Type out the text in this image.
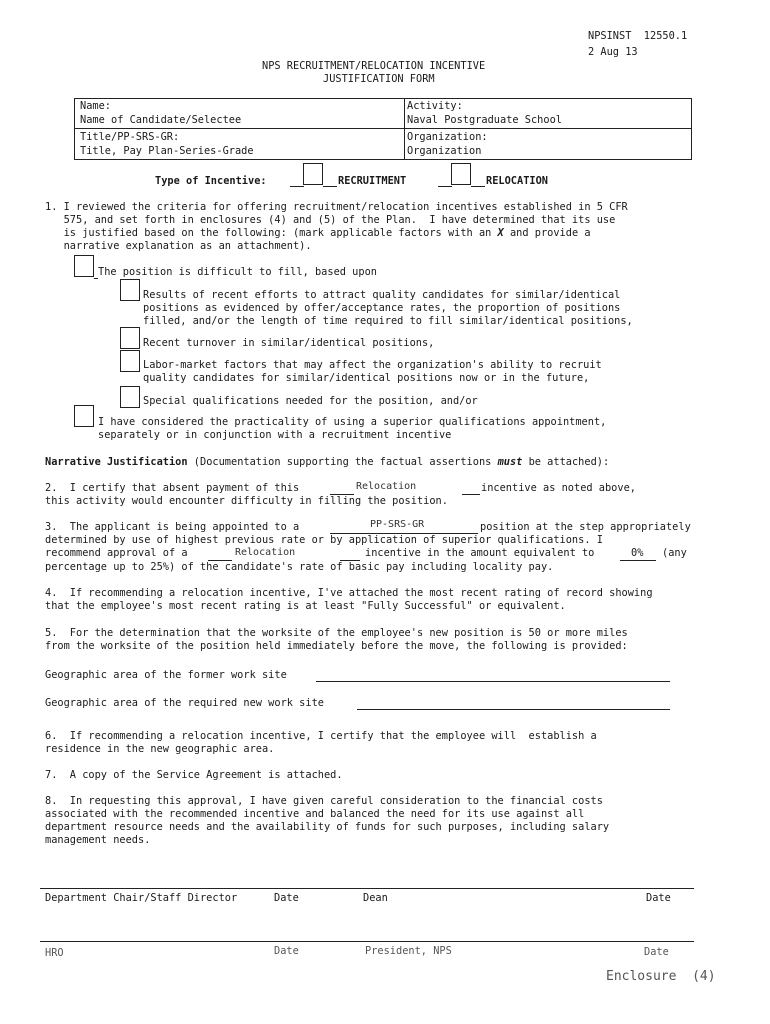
NPSINST  12550.1
2 Aug 13
NPS RECRUITMENT/RELOCATION INCENTIVE
JUSTIFICATION FORM
Name:
Name of Candidate/Selectee
Activity:
Naval Postgraduate School
Title/PP-SRS-GR:
Title, Pay Plan-Series-Grade
Organization:
Organization
Type of Incentive:	RECRUITMENT	RELOCATION
1. I reviewed the criteria for offering recruitment/relocation incentives established in 5 CFR
575, and set forth in enclosures (4) and (5) of the Plan.  I have determined that its use
is justified based on the following: (mark applicable factors with an X and provide a
narrative explanation as an attachment).
The position is difficult to fill, based upon
Results of recent efforts to attract quality candidates for similar/identical
positions as evidenced by offer/acceptance rates, the proportion of positions
filled, and/or the length of time required to fill similar/identical positions,
Recent turnover in similar/identical positions,
Labor-market factors that may affect the organization's ability to recruit
quality candidates for similar/identical positions now or in the future,
Special qualifications needed for the position, and/or
I have considered the practicality of using a superior qualifications appointment,
separately or in conjunction with a recruitment incentive
Narrative Justification (Documentation supporting the factual assertions must be attached):
2.  I certify that absent payment of this	Relocation	incentive as noted above,
this activity would encounter difficulty in filling the position.
3.  The applicant is being appointed to a	PP-SRS-GR	position at the step appropriately
determined by use of highest previous rate or by application of superior qualifications. I
recommend approval of a	Relocation	incentive in the amount equivalent to	0% (any
percentage up to 25%) of the candidate's rate of basic pay including locality pay.
4.  If recommending a relocation incentive, I've attached the most recent rating of record showing
that the employee's most recent rating is at least "Fully Successful" or equivalent.
5.  For the determination that the worksite of the employee's new position is 50 or more miles
from the worksite of the position held immediately before the move, the following is provided:
Geographic area of the former work site
Geographic area of the required new work site
6.  If recommending a relocation incentive, I certify that the employee will  establish a
residence in the new geographic area.
7.  A copy of the Service Agreement is attached.
8.  In requesting this approval, I have given careful consideration to the financial costs
associated with the recommended incentive and balanced the need for its use against all
department resource needs and the availability of funds for such purposes, including salary
management needs.
Department Chair/Staff Director	Date	Dean	Date
HRO	Date	President, NPS	Date
Enclosure  (4)
